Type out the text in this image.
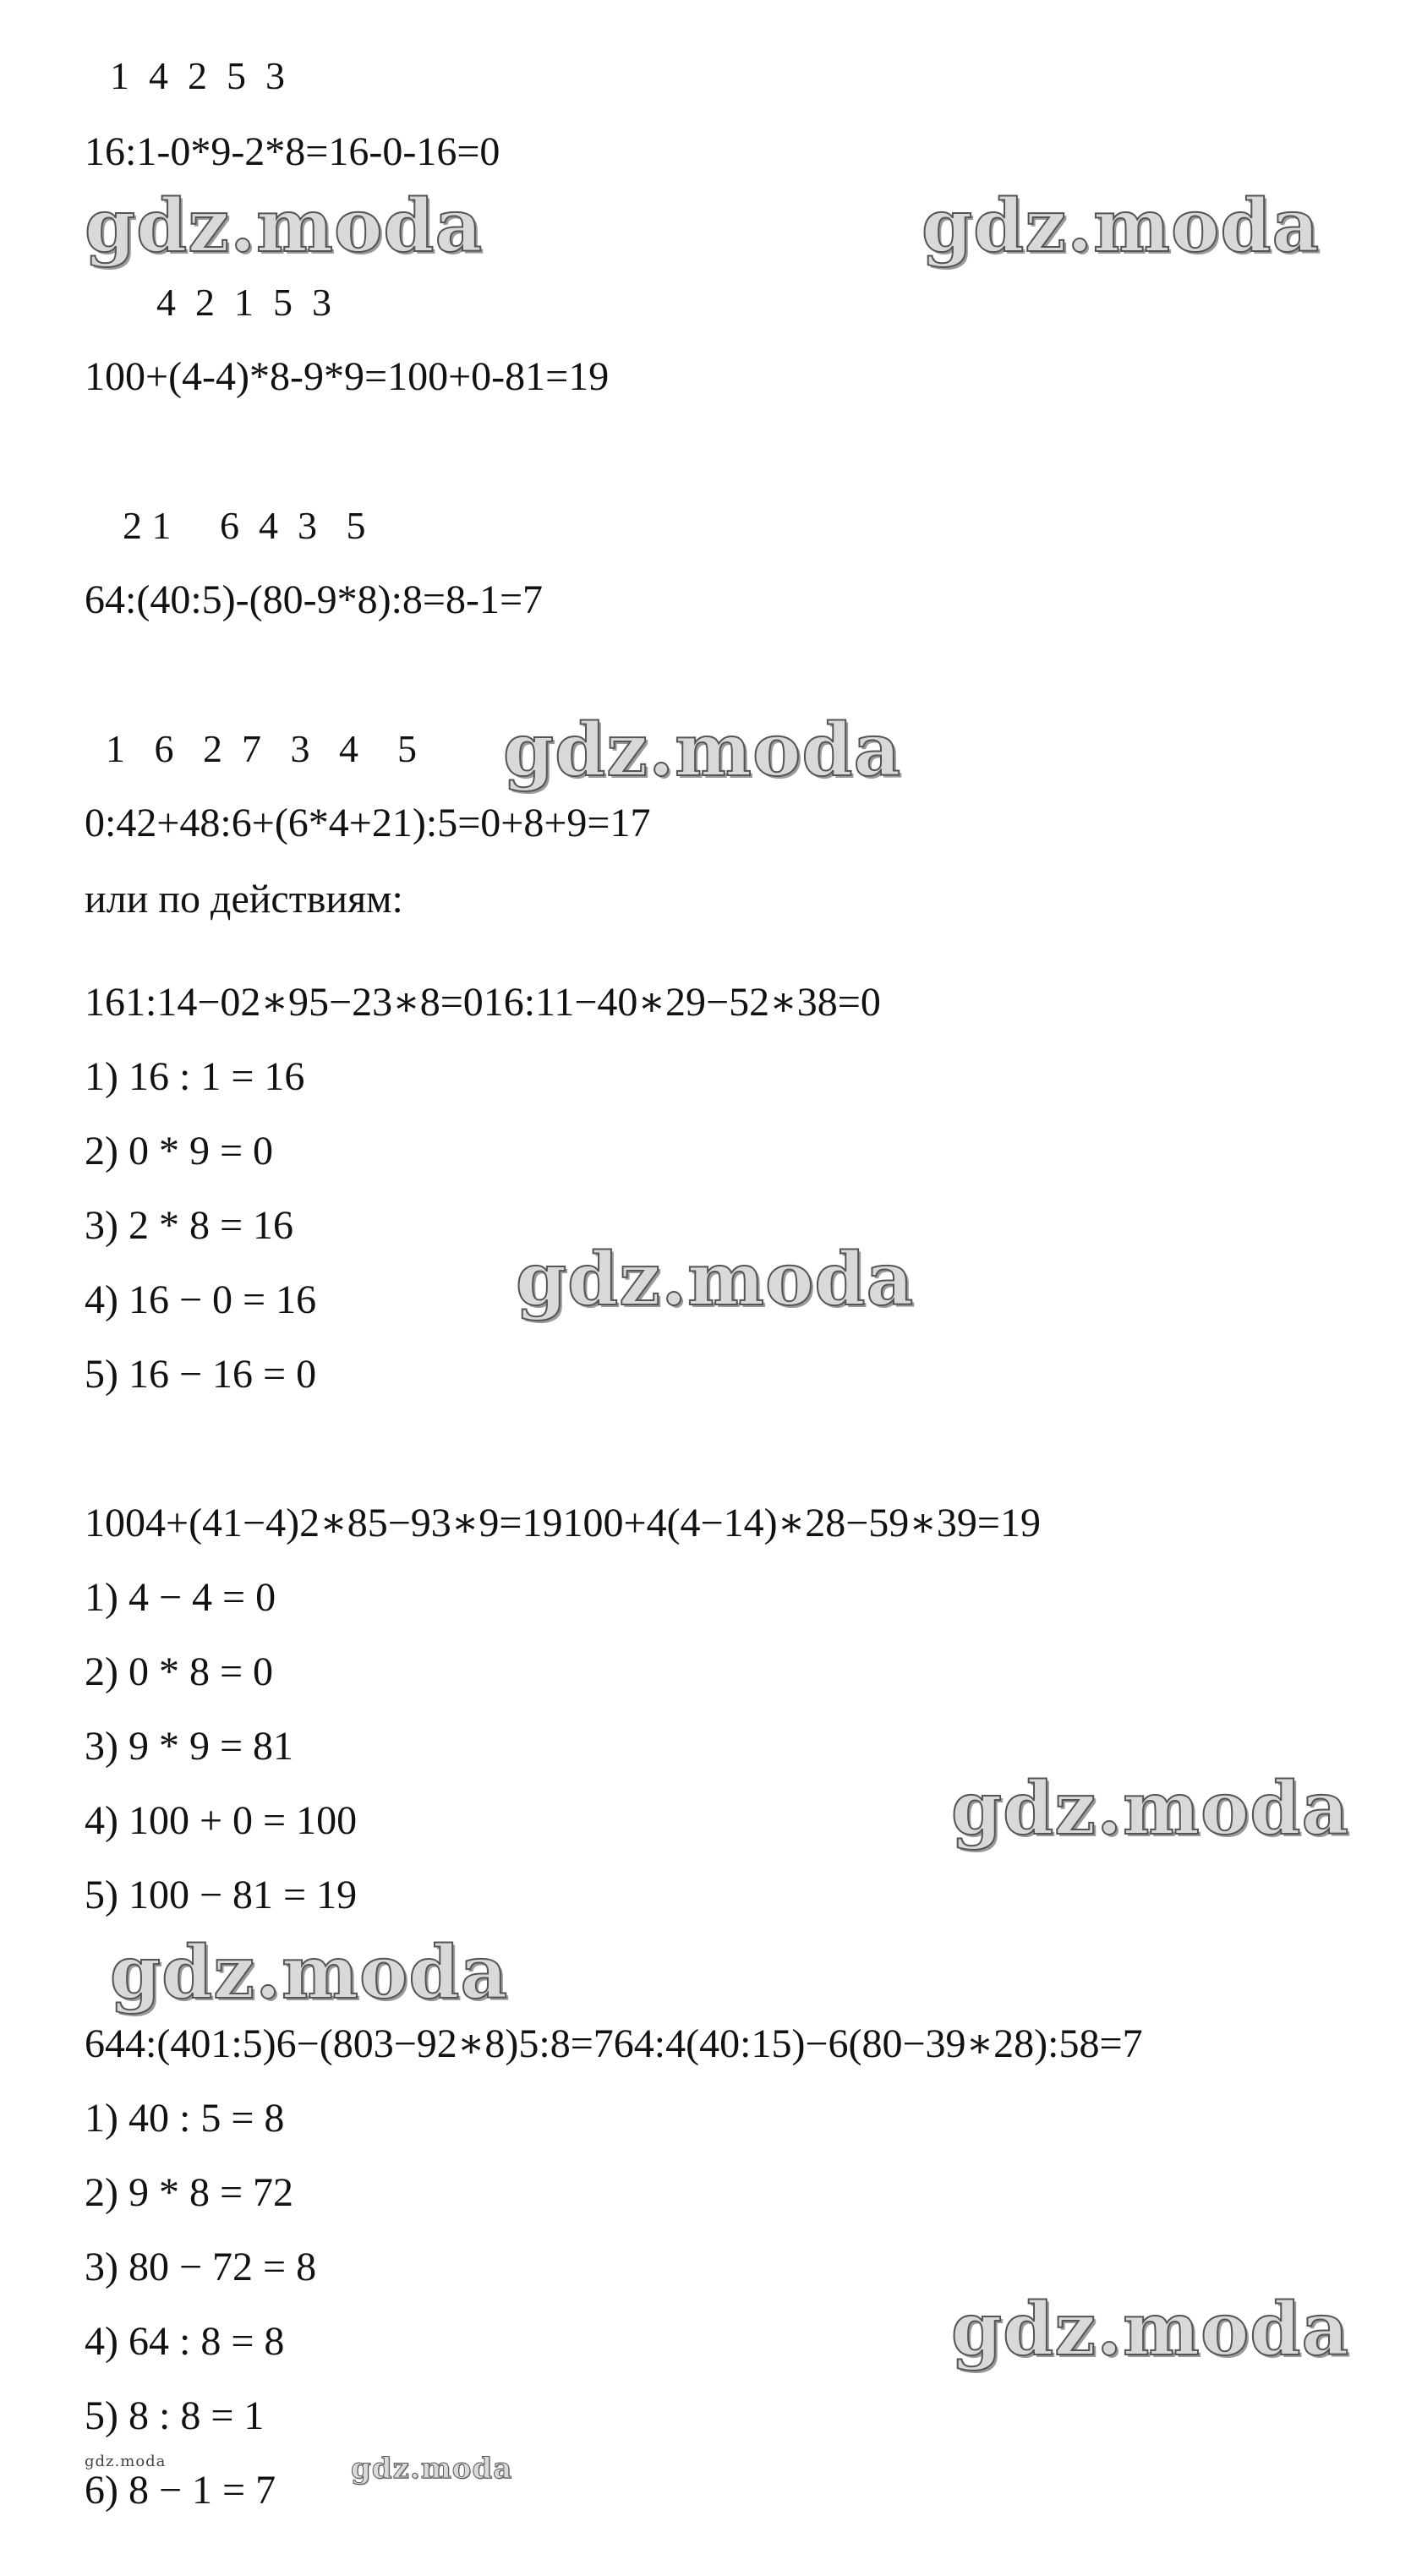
1  4  2  5  3
16:1-0*9-2*8=16-0-16=0
4  2  1  5  3
100+(4-4)*8-9*9=100+0-81=19
2 1     6  4  3   5
64:(40:5)-(80-9*8):8=8-1=7
1   6   2  7   3   4    5
0:42+48:6+(6*4+21):5=0+8+9=17
или по действиям:
161:14−02∗95−23∗8=016:11−40∗29−52∗38=0
1) 16 : 1 = 16
2) 0 * 9 = 0
3) 2 * 8 = 16
4) 16 − 0 = 16
5) 16 − 16 = 0
1004+(41−4)2∗85−93∗9=19100+4(4−14)∗28−59∗39=19
1) 4 − 4 = 0
2) 0 * 8 = 0
3) 9 * 9 = 81
4) 100 + 0 = 100
5) 100 − 81 = 19
644:(401:5)6−(803−92∗8)5:8=764:4(40:15)−6(80−39∗28):58=7
1) 40 : 5 = 8
2) 9 * 8 = 72
3) 80 − 72 = 8
4) 64 : 8 = 8
5) 8 : 8 = 1
6) 8 − 1 = 7
gdz.moda	gdz.moda
gdz.moda
gdz.moda
gdz.moda
gdz.moda
gdz.moda
gdz.moda
gdz.moda
